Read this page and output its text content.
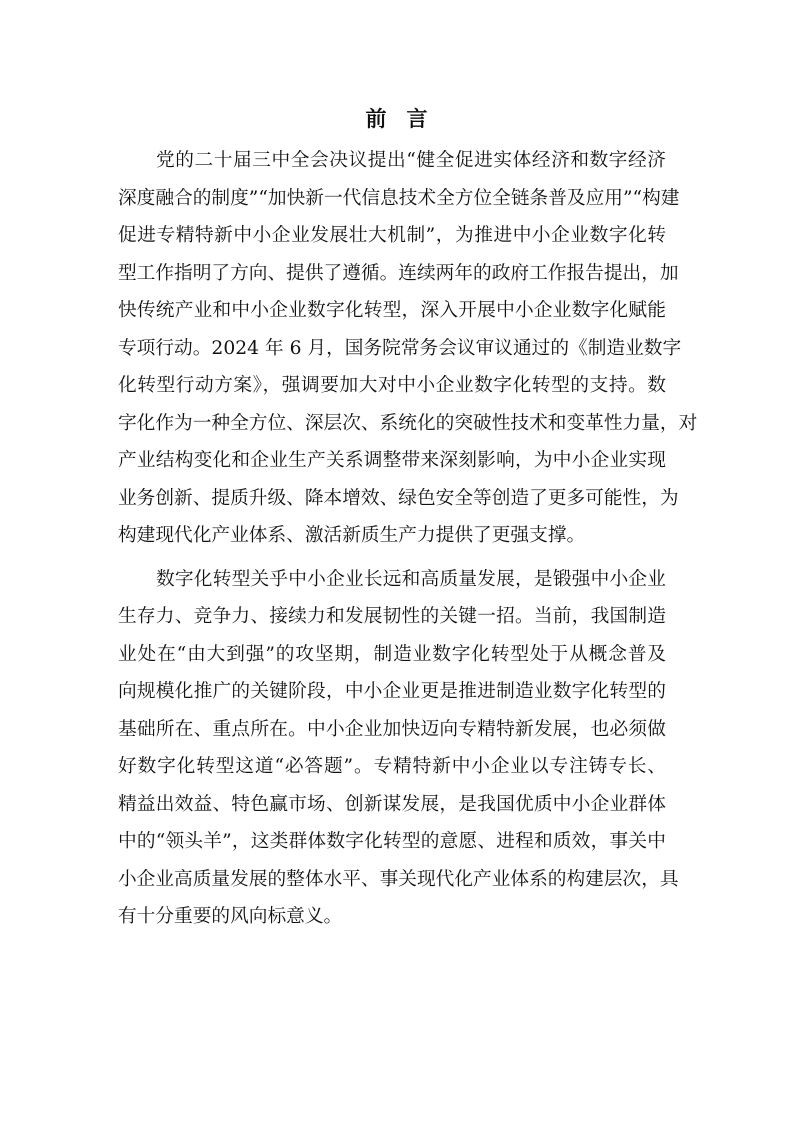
前言

党的二十届三中全会决议提出“健全促进实体经济和数字经济
深度融合的制度”“加快新一代信息技术全方位全链条普及应用”“构建
促进专精特新中小企业发展壮大机制”，为推进中小企业数字化转
型工作指明了方向、提供了遵循。连续两年的政府工作报告提出，加
快传统产业和中小企业数字化转型，深入开展中小企业数字化赋能
专项行动。2024 年 6 月，国务院常务会议审议通过的《制造业数字
化转型行动方案》，强调要加大对中小企业数字化转型的支持。数
字化作为一种全方位、深层次、系统化的突破性技术和变革性力量，对
产业结构变化和企业生产关系调整带来深刻影响，为中小企业实现
业务创新、提质升级、降本增效、绿色安全等创造了更多可能性，为
构建现代化产业体系、激活新质生产力提供了更强支撑。

数字化转型关乎中小企业长远和高质量发展，是锻强中小企业
生存力、竞争力、接续力和发展韧性的关键一招。当前，我国制造
业处在“由大到强”的攻坚期，制造业数字化转型处于从概念普及
向规模化推广的关键阶段，中小企业更是推进制造业数字化转型的
基础所在、重点所在。中小企业加快迈向专精特新发展，也必须做
好数字化转型这道“必答题”。专精特新中小企业以专注铸专长、
精益出效益、特色赢市场、创新谋发展，是我国优质中小企业群体
中的“领头羊”，这类群体数字化转型的意愿、进程和质效，事关中
小企业高质量发展的整体水平、事关现代化产业体系的构建层次，具
有十分重要的风向标意义。
